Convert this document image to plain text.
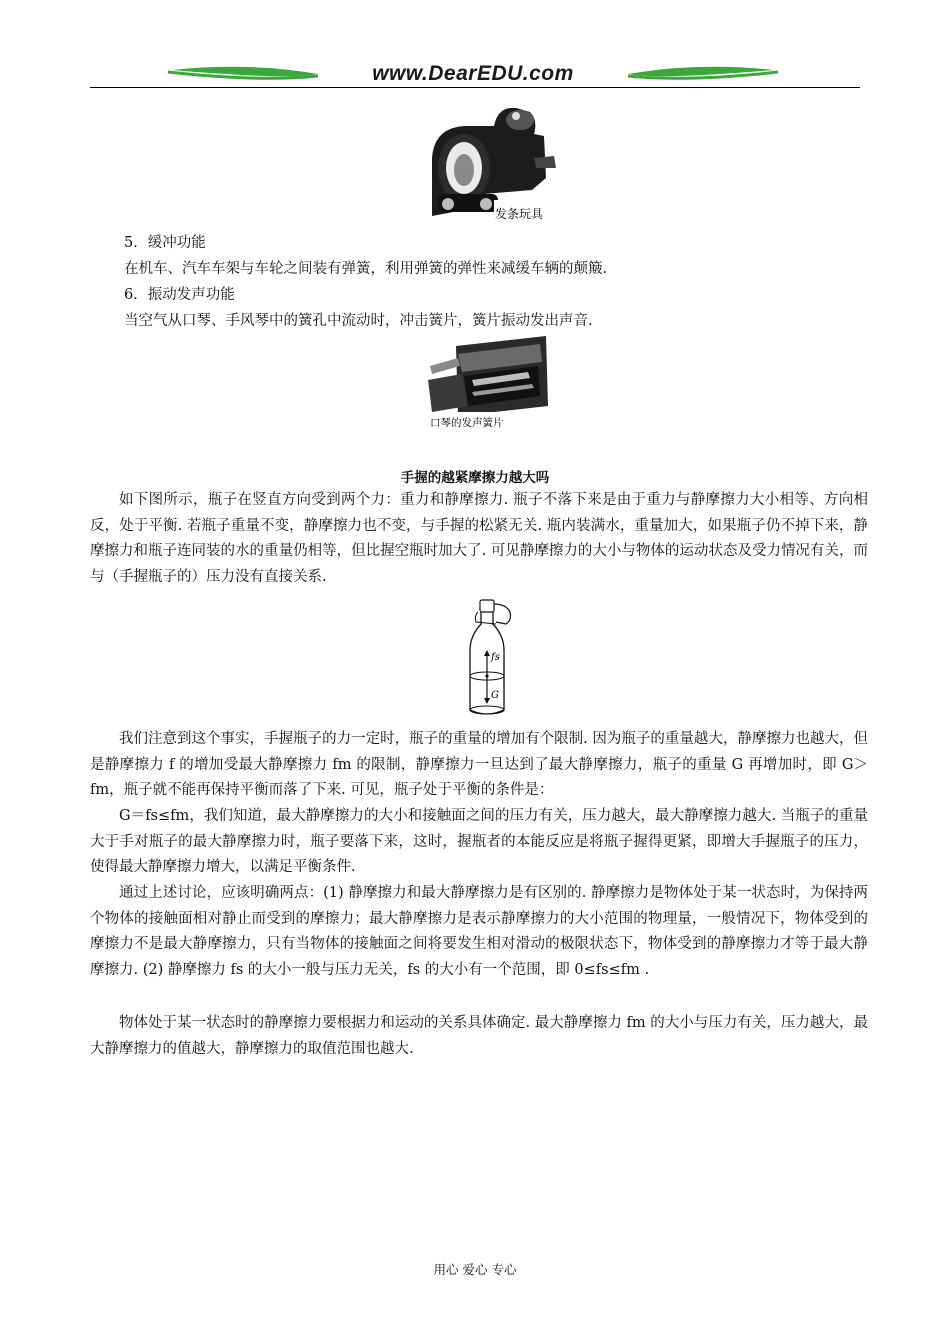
www.DearEDU.com
发条玩具
5．缓冲功能
在机车、汽车车架与车轮之间装有弹簧，利用弹簧的弹性来减缓车辆的颠簸.
6．振动发声功能
当空气从口琴、手风琴中的簧孔中流动时，冲击簧片，簧片振动发出声音.
口琴的发声簧片
手握的越紧摩擦力越大吗
如下图所示，瓶子在竖直方向受到两个力：重力和静摩擦力. 瓶子不落下来是由于重力与静摩擦力大小相等、方向相反，处于平衡. 若瓶子重量不变，静摩擦力也不变，与手握的松紧无关. 瓶内装满水，重量加大，如果瓶子仍不掉下来，静摩擦力和瓶子连同装的水的重量仍相等，但比握空瓶时加大了. 可见静摩擦力的大小与物体的运动状态及受力情况有关，而与（手握瓶子的）压力没有直接关系.
fs
G
我们注意到这个事实，手握瓶子的力一定时，瓶子的重量的增加有个限制. 因为瓶子的重量越大，静摩擦力也越大，但是静摩擦力 f 的增加受最大静摩擦力 fm 的限制，静摩擦力一旦达到了最大静摩擦力，瓶子的重量 G 再增加时，即 G＞fm，瓶子就不能再保持平衡而落了下来. 可见，瓶子处于平衡的条件是：
G＝fs≤fm，我们知道，最大静摩擦力的大小和接触面之间的压力有关，压力越大，最大静摩擦力越大. 当瓶子的重量大于手对瓶子的最大静摩擦力时，瓶子要落下来，这时，握瓶者的本能反应是将瓶子握得更紧，即增大手握瓶子的压力，使得最大静摩擦力增大，以满足平衡条件.
通过上述讨论，应该明确两点：(1) 静摩擦力和最大静摩擦力是有区别的. 静摩擦力是物体处于某一状态时，为保持两个物体的接触面相对静止而受到的摩擦力；最大静摩擦力是表示静摩擦力的大小范围的物理量，一般情况下，物体受到的摩擦力不是最大静摩擦力，只有当物体的接触面之间将要发生相对滑动的极限状态下，物体受到的静摩擦力才等于最大静摩擦力. (2) 静摩擦力 fs 的大小一般与压力无关，fs 的大小有一个范围，即 0≤fs≤fm .
物体处于某一状态时的静摩擦力要根据力和运动的关系具体确定. 最大静摩擦力 fm 的大小与压力有关，压力越大，最大静摩擦力的值越大，静摩擦力的取值范围也越大.
用心 爱心 专心
